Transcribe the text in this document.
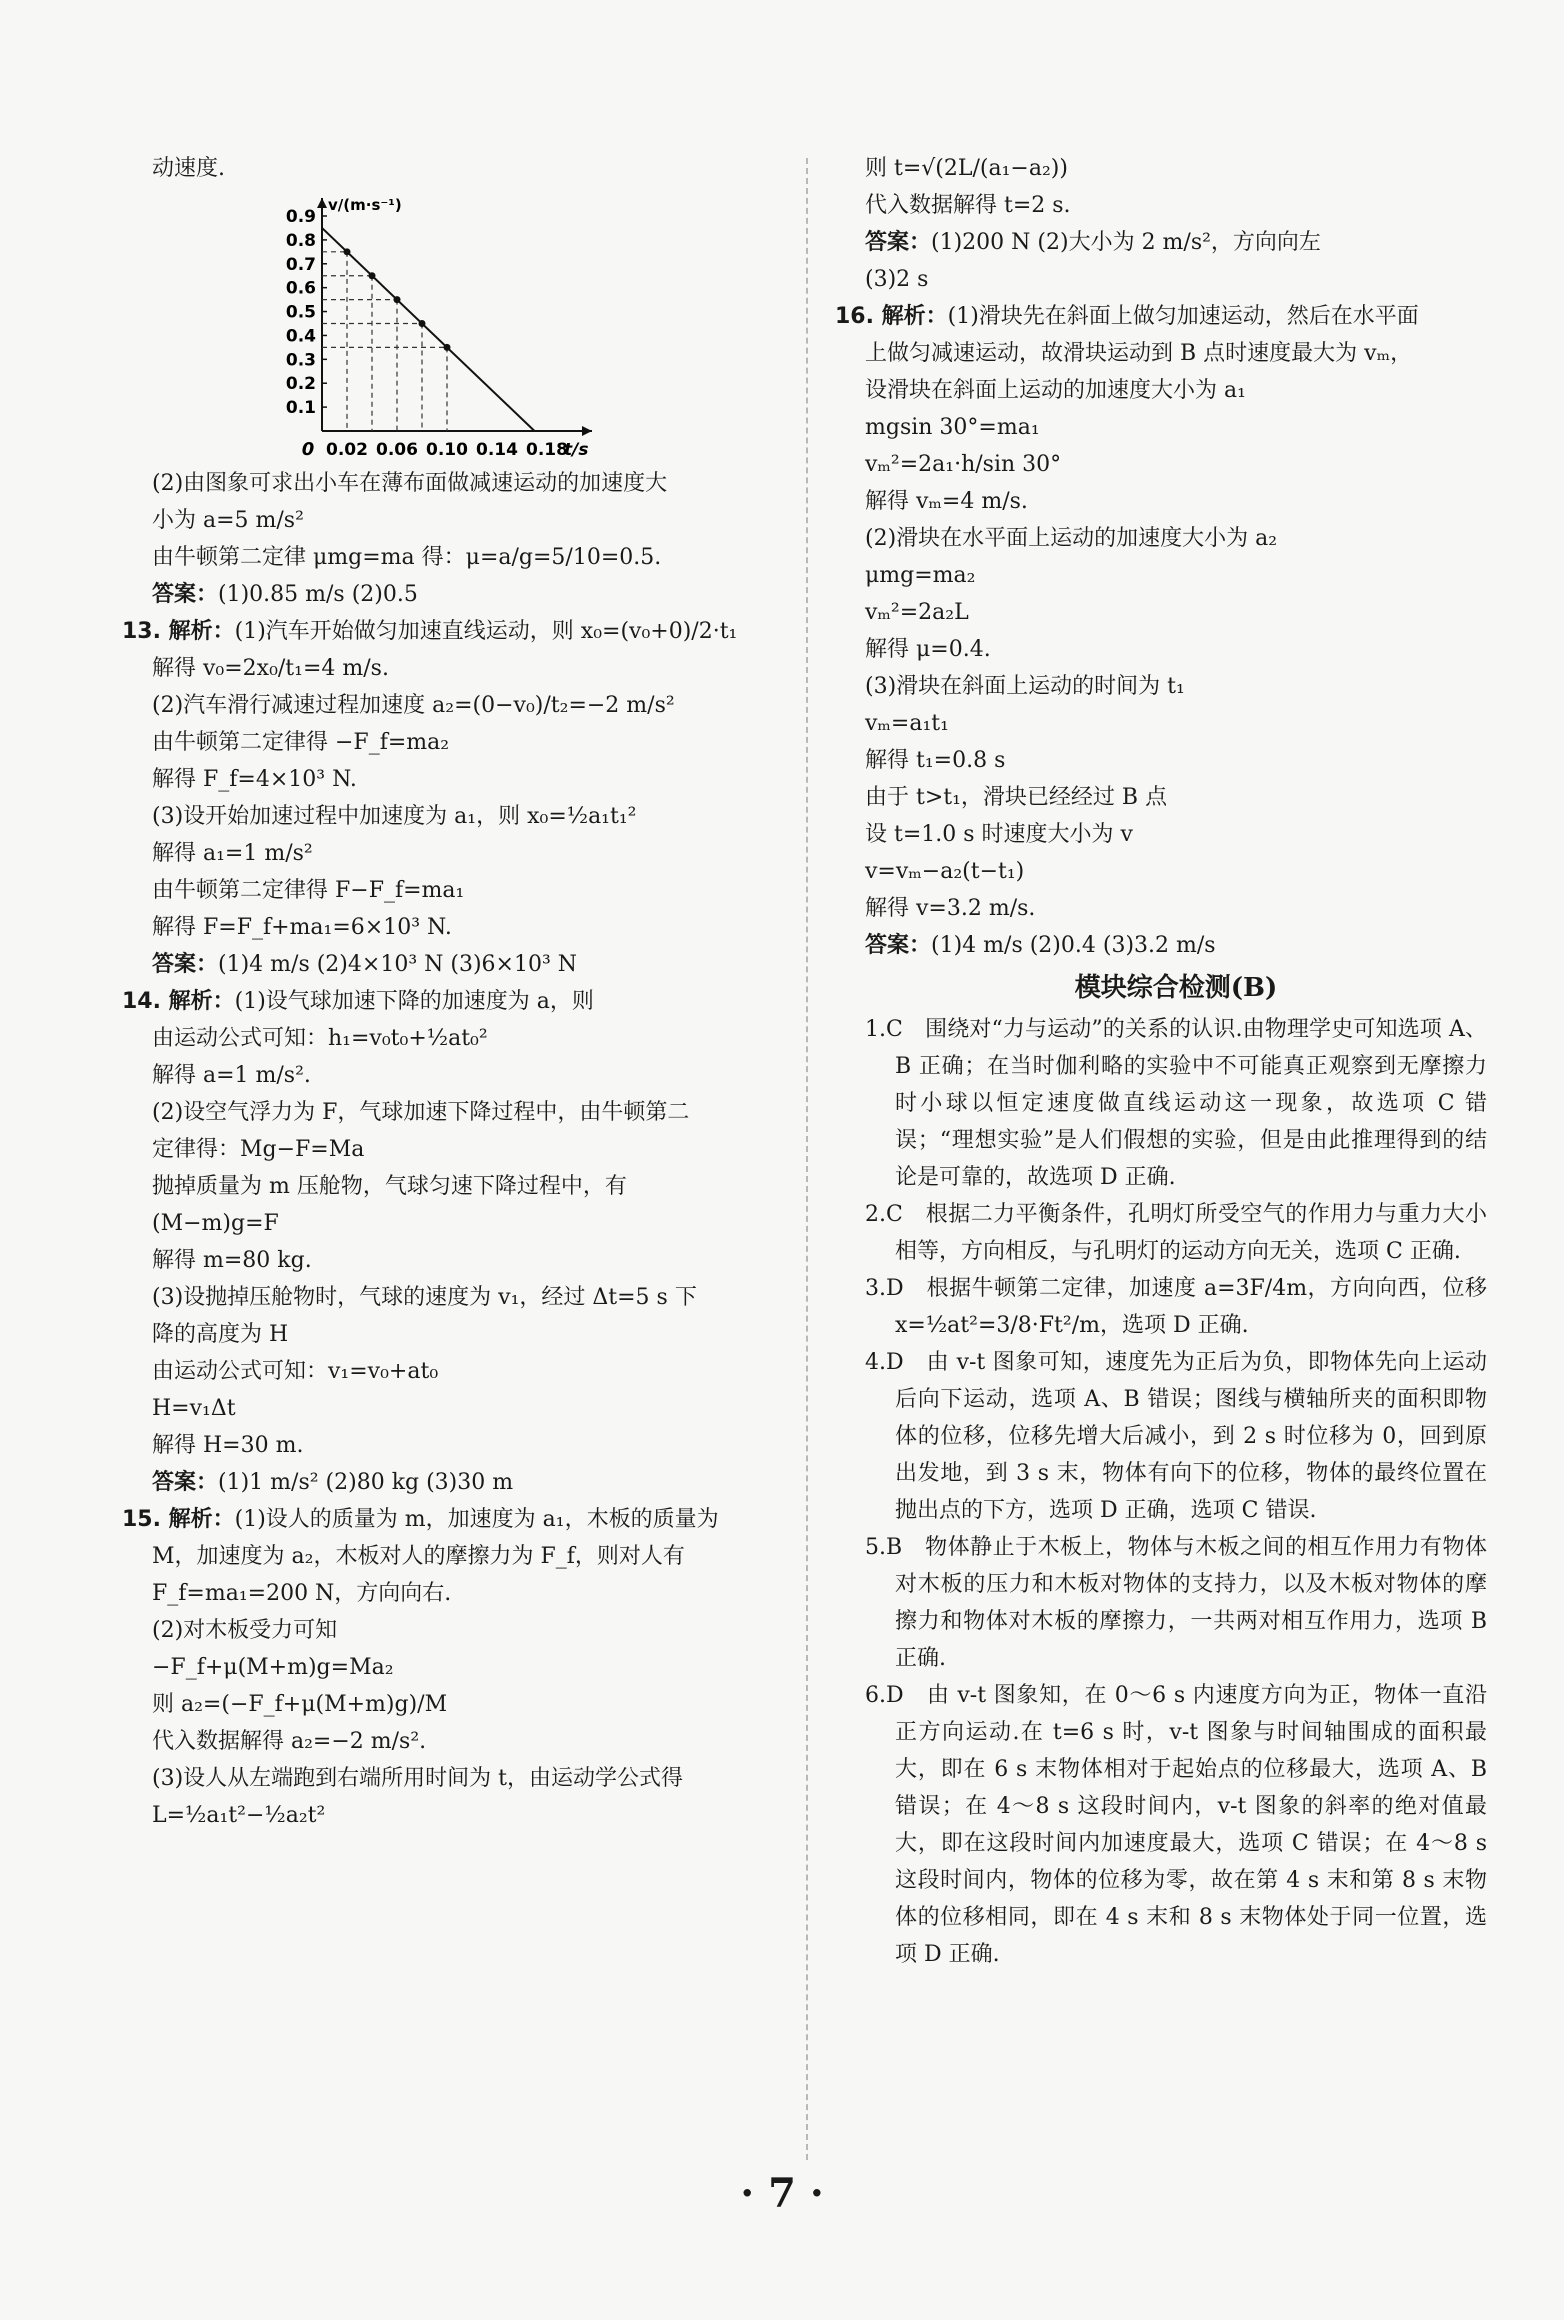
动速度.
0.1
0.2
0.3
0.4
0.5
0.6
0.7
0.8
0.9
0.02 0.06 0.10 0.14 0.18
0
v/(m·s⁻¹)
t/s
(2)由图象可求出小车在薄布面做减速运动的加速度大
小为 a=5 m/s²
由牛顿第二定律 μmg=ma 得：μ=a/g=5/10=0.5.
答案：(1)0.85 m/s (2)0.5
13. 解析：(1)汽车开始做匀加速直线运动，则 x₀=(v₀+0)/2·t₁
解得 v₀=2x₀/t₁=4 m/s.
(2)汽车滑行减速过程加速度 a₂=(0−v₀)/t₂=−2 m/s²
由牛顿第二定律得 −F_f=ma₂
解得 F_f=4×10³ N.
(3)设开始加速过程中加速度为 a₁，则 x₀=½a₁t₁²
解得 a₁=1 m/s²
由牛顿第二定律得 F−F_f=ma₁
解得 F=F_f+ma₁=6×10³ N.
答案：(1)4 m/s (2)4×10³ N (3)6×10³ N
14. 解析：(1)设气球加速下降的加速度为 a，则
由运动公式可知：h₁=v₀t₀+½at₀²
解得 a=1 m/s².
(2)设空气浮力为 F，气球加速下降过程中，由牛顿第二
定律得：Mg−F=Ma
抛掉质量为 m 压舱物，气球匀速下降过程中，有
(M−m)g=F
解得 m=80 kg.
(3)设抛掉压舱物时，气球的速度为 v₁，经过 Δt=5 s 下
降的高度为 H
由运动公式可知：v₁=v₀+at₀
H=v₁Δt
解得 H=30 m.
答案：(1)1 m/s² (2)80 kg (3)30 m
15. 解析：(1)设人的质量为 m，加速度为 a₁，木板的质量为
M，加速度为 a₂，木板对人的摩擦力为 F_f，则对人有
F_f=ma₁=200 N，方向向右.
(2)对木板受力可知
−F_f+μ(M+m)g=Ma₂
则 a₂=(−F_f+μ(M+m)g)/M
代入数据解得 a₂=−2 m/s².
(3)设人从左端跑到右端所用时间为 t，由运动学公式得
L=½a₁t²−½a₂t²
则 t=√(2L/(a₁−a₂))
代入数据解得 t=2 s.
答案：(1)200 N (2)大小为 2 m/s²，方向向左
(3)2 s
16. 解析：(1)滑块先在斜面上做匀加速运动，然后在水平面
上做匀减速运动，故滑块运动到 B 点时速度最大为 vₘ，
设滑块在斜面上运动的加速度大小为 a₁
mgsin 30°=ma₁
vₘ²=2a₁·h/sin 30°
解得 vₘ=4 m/s.
(2)滑块在水平面上运动的加速度大小为 a₂
μmg=ma₂
vₘ²=2a₂L
解得 μ=0.4.
(3)滑块在斜面上运动的时间为 t₁
vₘ=a₁t₁
解得 t₁=0.8 s
由于 t>t₁，滑块已经经过 B 点
设 t=1.0 s 时速度大小为 v
v=vₘ−a₂(t−t₁)
解得 v=3.2 m/s.
答案：(1)4 m/s (2)0.4 (3)3.2 m/s
模块综合检测(B)
1.C　围绕对“力与运动”的关系的认识.由物理学史可知选项 A、B 正确；在当时伽利略的实验中不可能真正观察到无摩擦力时小球以恒定速度做直线运动这一现象，故选项 C 错误；“理想实验”是人们假想的实验，但是由此推理得到的结论是可靠的，故选项 D 正确.
2.C　根据二力平衡条件，孔明灯所受空气的作用力与重力大小相等，方向相反，与孔明灯的运动方向无关，选项 C 正确.
3.D　根据牛顿第二定律，加速度 a=3F/4m，方向向西，位移 x=½at²=3/8·Ft²/m，选项 D 正确.
4.D　由 v-t 图象可知，速度先为正后为负，即物体先向上运动后向下运动，选项 A、B 错误；图线与横轴所夹的面积即物体的位移，位移先增大后减小，到 2 s 时位移为 0，回到原出发地，到 3 s 末，物体有向下的位移，物体的最终位置在抛出点的下方，选项 D 正确，选项 C 错误.
5.B　物体静止于木板上，物体与木板之间的相互作用力有物体对木板的压力和木板对物体的支持力，以及木板对物体的摩擦力和物体对木板的摩擦力，一共两对相互作用力，选项 B 正确.
6.D　由 v-t 图象知，在 0～6 s 内速度方向为正，物体一直沿正方向运动.在 t=6 s 时，v-t 图象与时间轴围成的面积最大，即在 6 s 末物体相对于起始点的位移最大，选项 A、B 错误；在 4～8 s 这段时间内，v-t 图象的斜率的绝对值最大，即在这段时间内加速度最大，选项 C 错误；在 4～8 s 这段时间内，物体的位移为零，故在第 4 s 末和第 8 s 末物体的位移相同，即在 4 s 末和 8 s 末物体处于同一位置，选项 D 正确.
· 7 ·
